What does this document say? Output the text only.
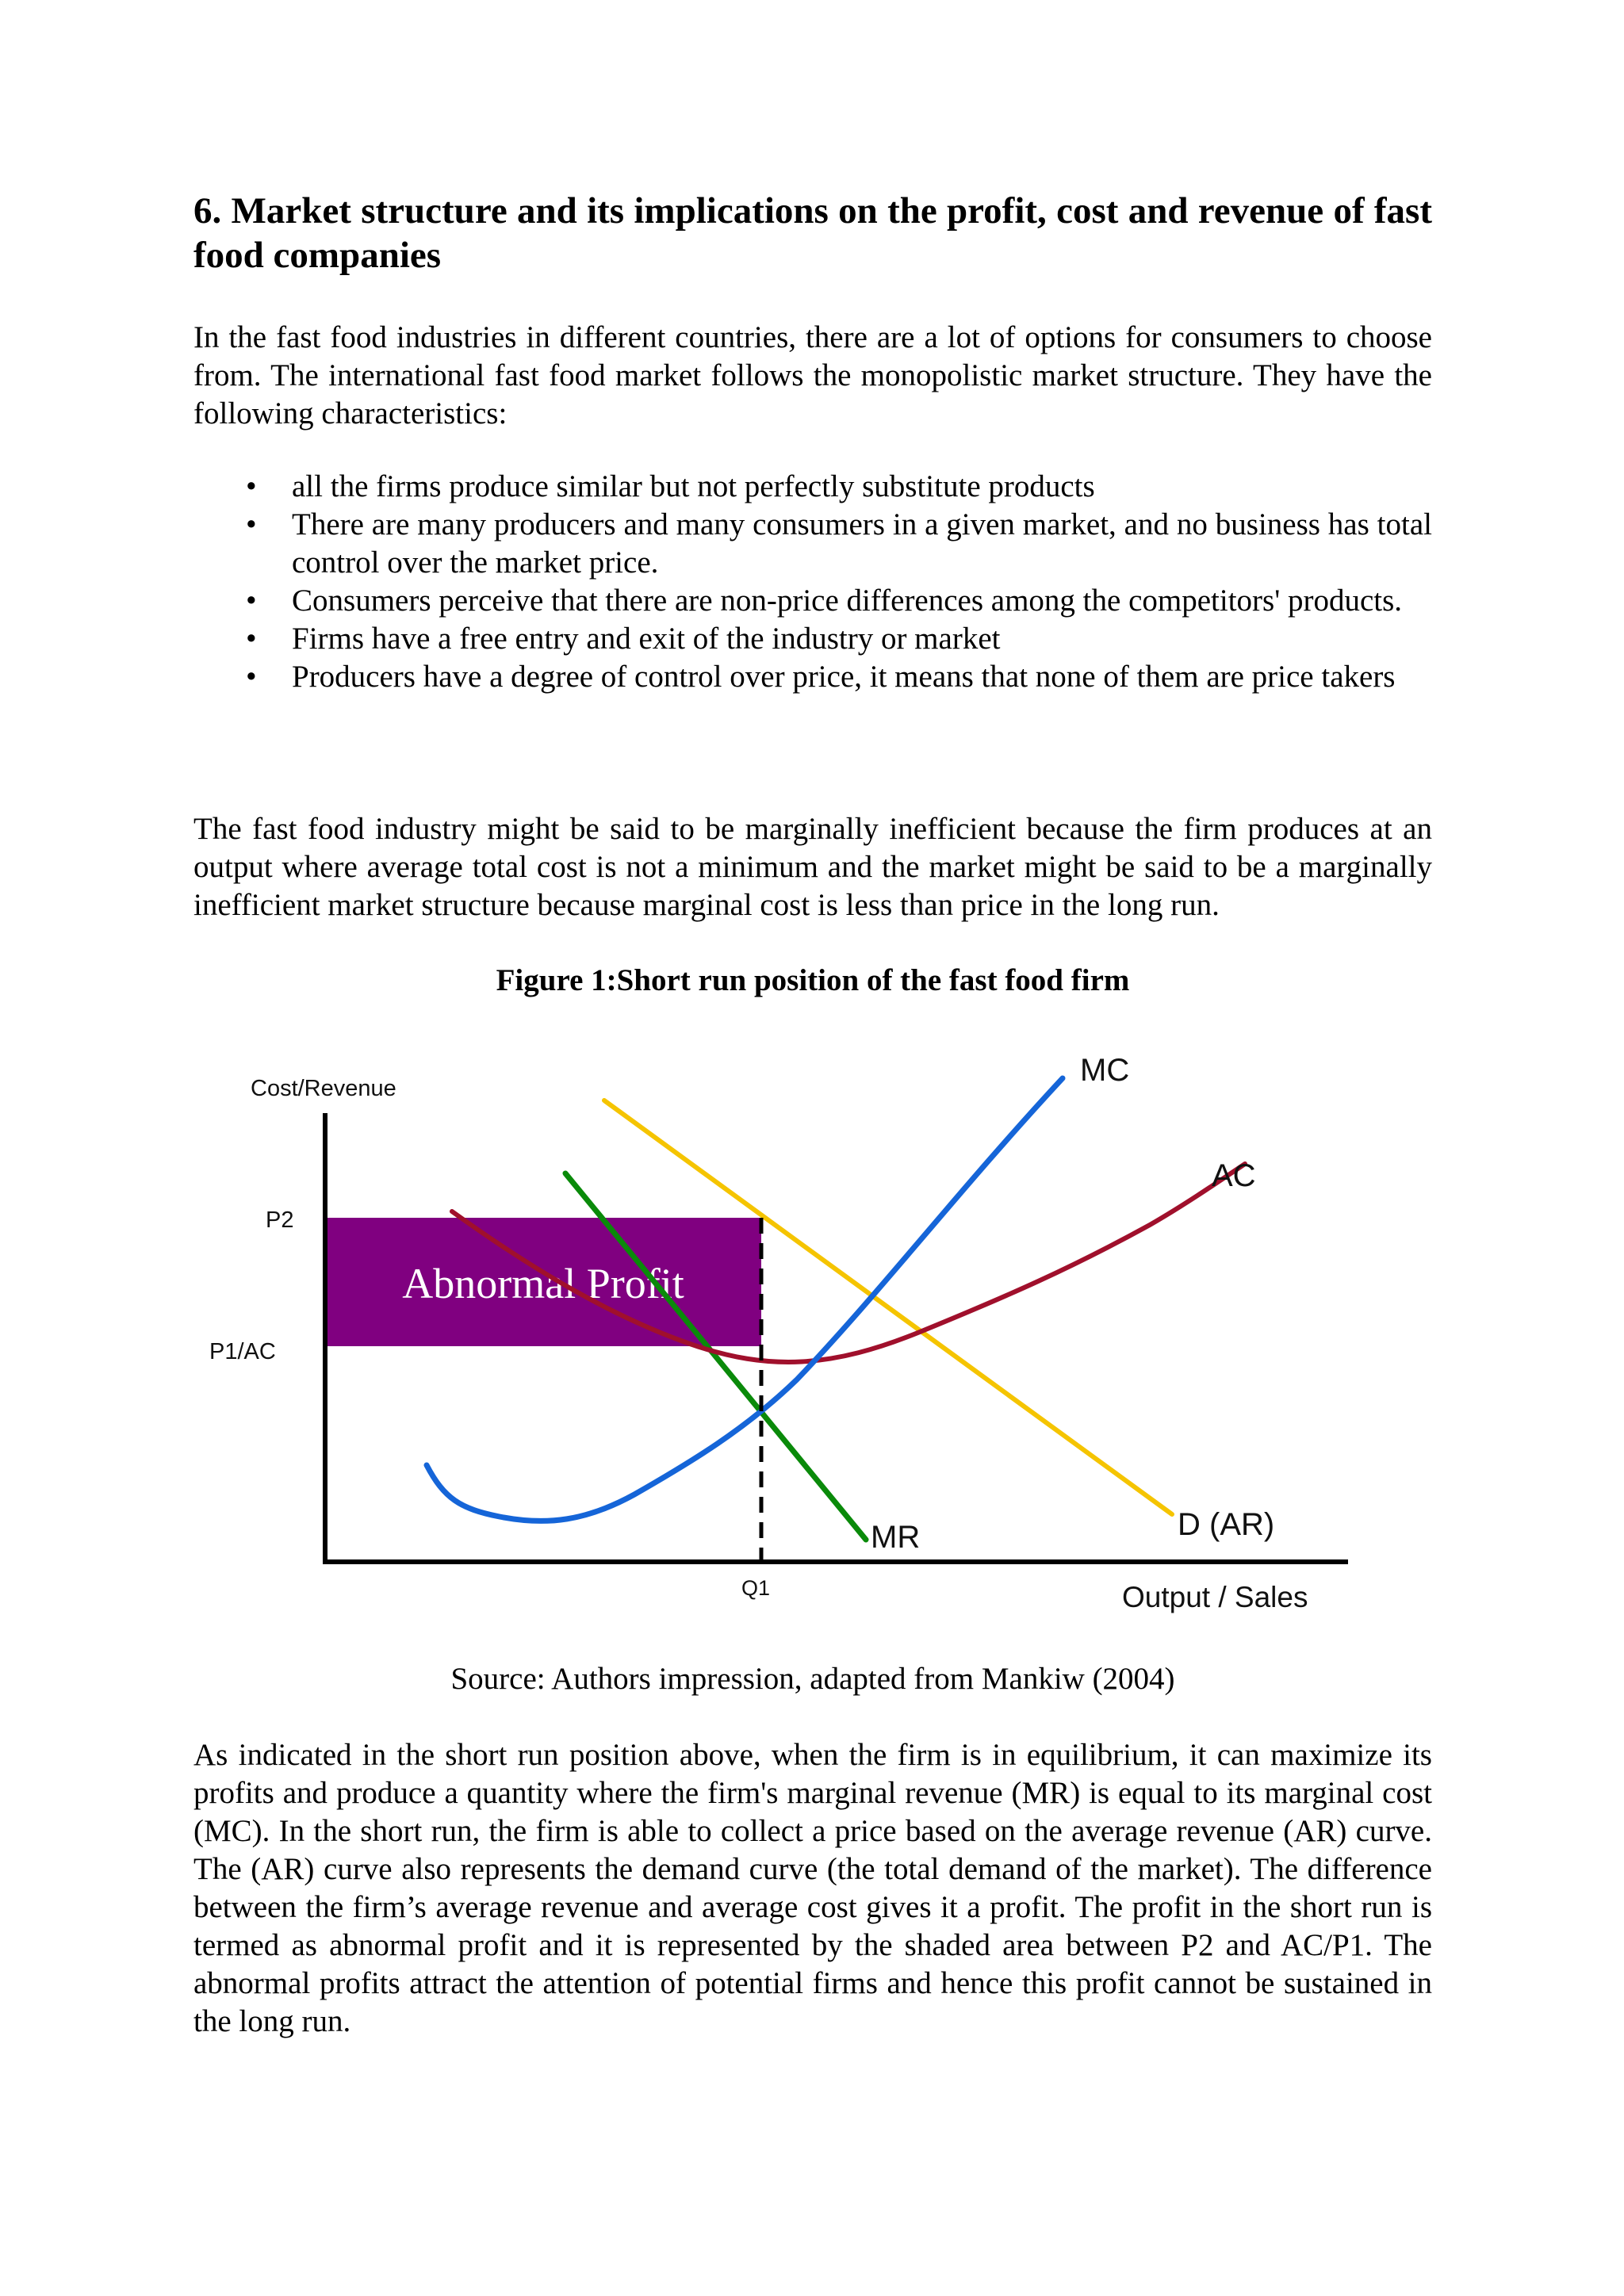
6. Market structure and its implications on the profit, cost and revenue of fast food companies

In the fast food industries in different countries, there are a lot of options for consumers to choose from. The international fast food market follows the monopolistic market structure. They have the following characteristics:

• all the firms produce similar but not perfectly substitute products
• There are many producers and many consumers in a given market, and no business has total control over the market price.
• Consumers perceive that there are non-price differences among the competitors' products.
• Firms have a free entry and exit of the industry or market
• Producers have a degree of control over price, it means that none of them are price takers

The fast food industry might be said to be marginally inefficient because the firm produces at an output where average total cost is not a minimum and the market might be said to be a marginally inefficient market structure because marginal cost is less than price in the long run.

Figure 1:Short run position of the fast food firm

Abnormal Profit
Cost/Revenue
Output / Sales
P2
P1/AC
Q1
MC
AC
MR	D (AR)

Source: Authors impression, adapted from Mankiw (2004)

As indicated in the short run position above, when the firm is in equilibrium, it can maximize its profits and produce a quantity where the firm's marginal revenue (MR) is equal to its marginal cost (MC). In the short run, the firm is able to collect a price based on the average revenue (AR) curve. The (AR) curve also represents the demand curve (the total demand of the market). The difference between the firm’s average revenue and average cost gives it a profit. The profit in the short run is termed as abnormal profit and it is represented by the shaded area between P2 and AC/P1. The abnormal profits attract the attention of potential firms and hence this profit cannot be sustained in the long run.
